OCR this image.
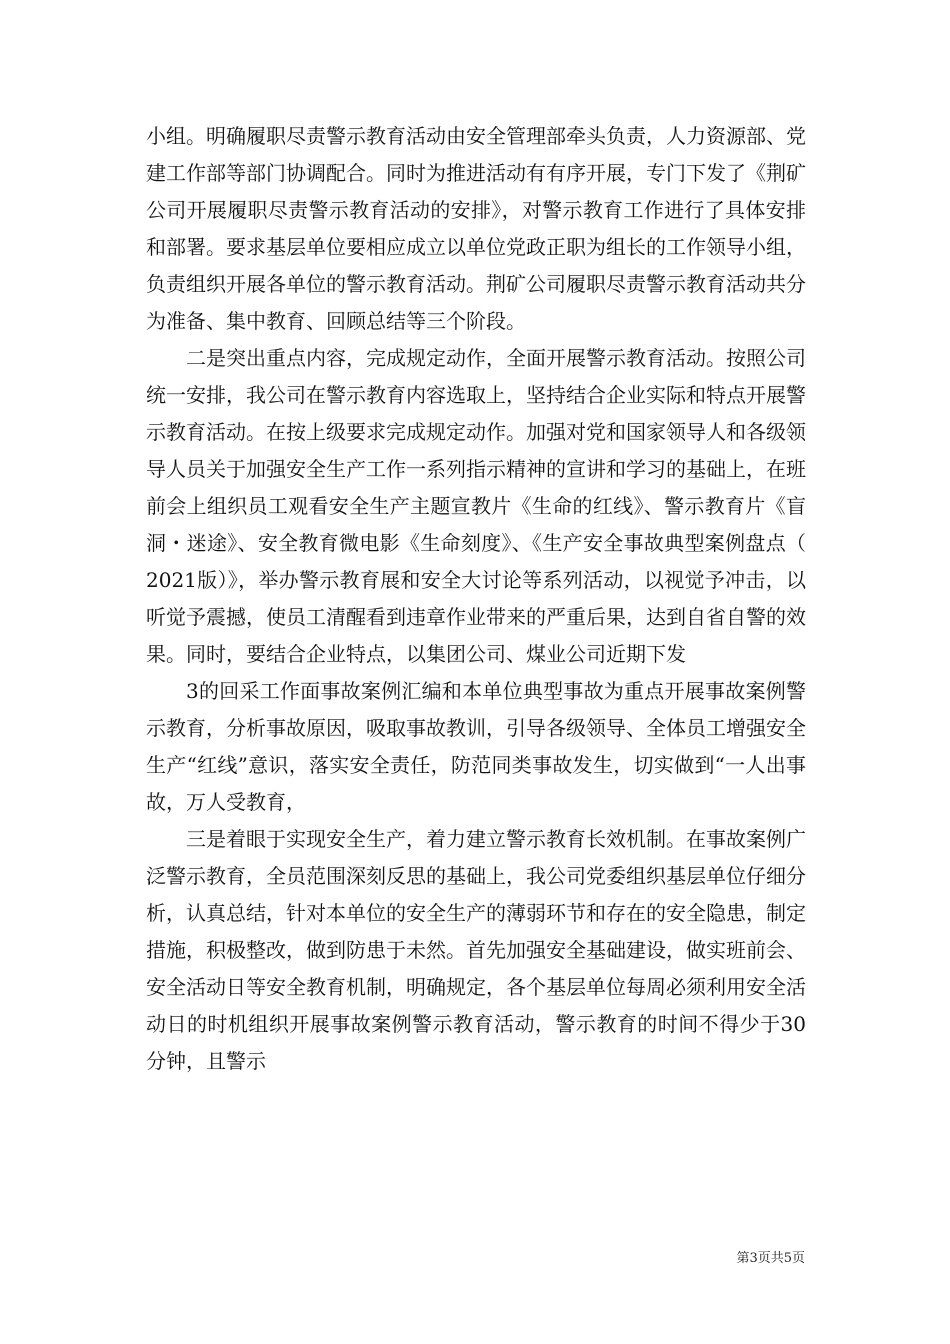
小组。明确履职尽责警示教育活动由安全管理部牵头负责，人力资源部、党建工作部等部门协调配合。同时为推进活动有有序开展，专门下发了《荆矿公司开展履职尽责警示教育活动的安排》，对警示教育工作进行了具体安排和部署。要求基层单位要相应成立以单位党政正职为组长的工作领导小组，负责组织开展各单位的警示教育活动。荆矿公司履职尽责警示教育活动共分为准备、集中教育、回顾总结等三个阶段。

二是突出重点内容，完成规定动作，全面开展警示教育活动。按照公司统一安排，我公司在警示教育内容选取上，坚持结合企业实际和特点开展警示教育活动。在按上级要求完成规定动作。加强对党和国家领导人和各级领导人员关于加强安全生产工作一系列指示精神的宣讲和学习的基础上，在班前会上组织员工观看安全生产主题宣教片《生命的红线》、警示教育片《盲洞・迷途》、安全教育微电影《生命刻度》、《生产安全事故典型案例盘点（2021版）》，举办警示教育展和安全大讨论等系列活动，以视觉予冲击，以听觉予震撼，使员工清醒看到违章作业带来的严重后果，达到自省自警的效果。同时，要结合企业特点，以集团公司、煤业公司近期下发

3的回采工作面事故案例汇编和本单位典型事故为重点开展事故案例警示教育，分析事故原因，吸取事故教训，引导各级领导、全体员工增强安全生产“红线”意识，落实安全责任，防范同类事故发生，切实做到“一人出事故，万人受教育，

三是着眼于实现安全生产，着力建立警示教育长效机制。在事故案例广泛警示教育，全员范围深刻反思的基础上，我公司党委组织基层单位仔细分析，认真总结，针对本单位的安全生产的薄弱环节和存在的安全隐患，制定措施，积极整改，做到防患于未然。首先加强安全基础建设，做实班前会、安全活动日等安全教育机制，明确规定，各个基层单位每周必须利用安全活动日的时机组织开展事故案例警示教育活动，警示教育的时间不得少于30分钟，且警示

第3页共5页
